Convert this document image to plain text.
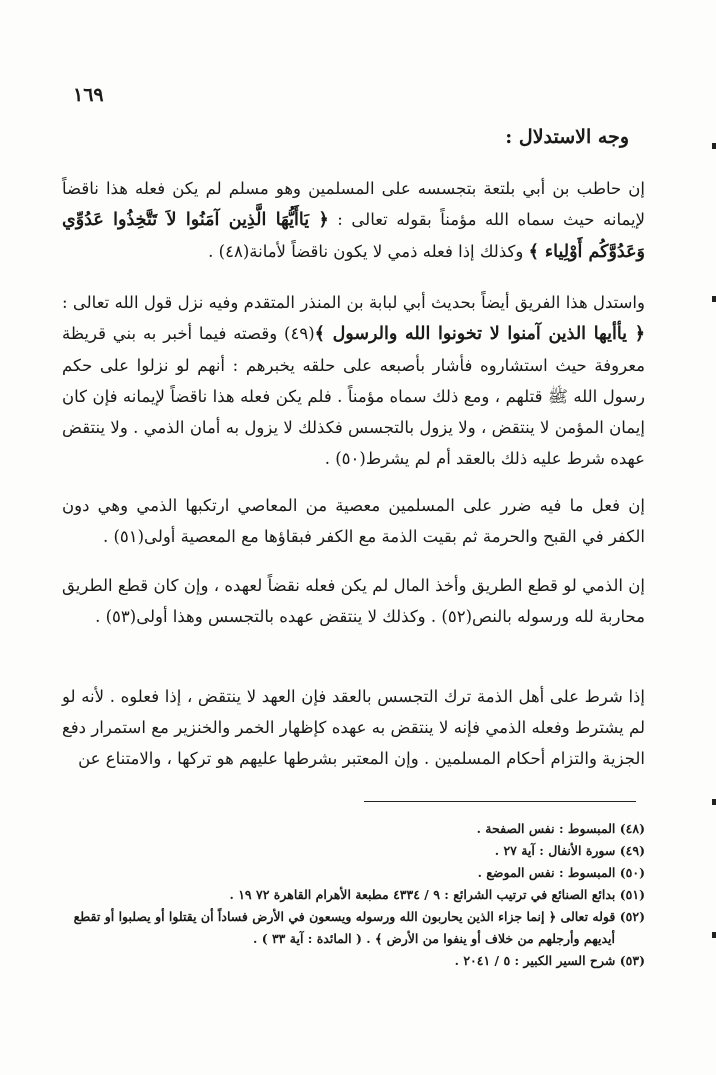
١٦٩
وجه الاستدلال :
إن حاطب بن أبي بلتعة بتجسسه على المسلمين وهو مسلم لم يكن فعله هذا ناقضاً لإيمانه حيث سماه الله مؤمناً بقوله تعالى : ﴿ يَاأَيُّهَا الَّذِين آمَنُوا لاَ تَتَّخِذُوا عَدُوِّي وَعَدُوَّكُم أَوْلِياء ﴾ وكذلك إذا فعله ذمي لا يكون ناقضاً لأمانة(٤٨) .
واستدل هذا الفريق أيضاً بحديث أبي لبابة بن المنذر المتقدم وفيه نزل قول الله تعالى : ﴿ يأأيها الذين آمنوا لا تخونوا الله والرسول ﴾(٤٩) وقصته فيما أخبر به بني قريظة معروفة حيث استشاروه فأشار بأصبعه على حلقه يخبرهم : أنهم لو نزلوا على حكم رسول الله ﷺ قتلهم ، ومع ذلك سماه مؤمناً . فلم يكن فعله هذا ناقضاً لإيمانه فإن كان إيمان المؤمن لا ينتقض ، ولا يزول بالتجسس فكذلك لا يزول به أمان الذمي . ولا ينتقض عهده شرط عليه ذلك بالعقد أم لم يشرط(٥٠) .
إن فعل ما فيه ضرر على المسلمين معصية من المعاصي ارتكبها الذمي وهي دون الكفر في القبح والحرمة ثم بقيت الذمة مع الكفر فبقاؤها مع المعصية أولى(٥١) .
إن الذمي لو قطع الطريق وأخذ المال لم يكن فعله نقضاً لعهده ، وإن كان قطع الطريق محاربة لله ورسوله بالنص(٥٢) . وكذلك لا ينتقض عهده بالتجسس وهذا أولى(٥٣) .
إذا شرط على أهل الذمة ترك التجسس بالعقد فإن العهد لا ينتقض ، إذا فعلوه . لأنه لو لم يشترط وفعله الذمي فإنه لا ينتقض به عهده كإظهار الخمر والخنزير مع استمرار دفع الجزية والتزام أحكام المسلمين . وإن المعتبر بشرطها عليهم هو تركها ، والامتناع عن
(٤٨) المبسوط : نفس الصفحة .
(٤٩) سورة الأنفال : آية ٢٧ .
(٥٠) المبسوط : نفس الموضع .
(٥١) بدائع الصنائع في ترتيب الشرائع : ٩ / ٤٣٣٤ مطبعة الأهرام القاهرة ٧٢ ١٩ .
(٥٢) قوله تعالى ﴿ إنما جزاء الذين يحاربون الله ورسوله ويسعون في الأرض فساداً أن يقتلوا أو يصلبوا أو تقطع
أيديهم وأرجلهم من خلاف أو ينفوا من الأرض ﴾ . ( المائدة : آية ٣٣ ) .
(٥٣) شرح السير الكبير : ٥ / ٢٠٤١ .
